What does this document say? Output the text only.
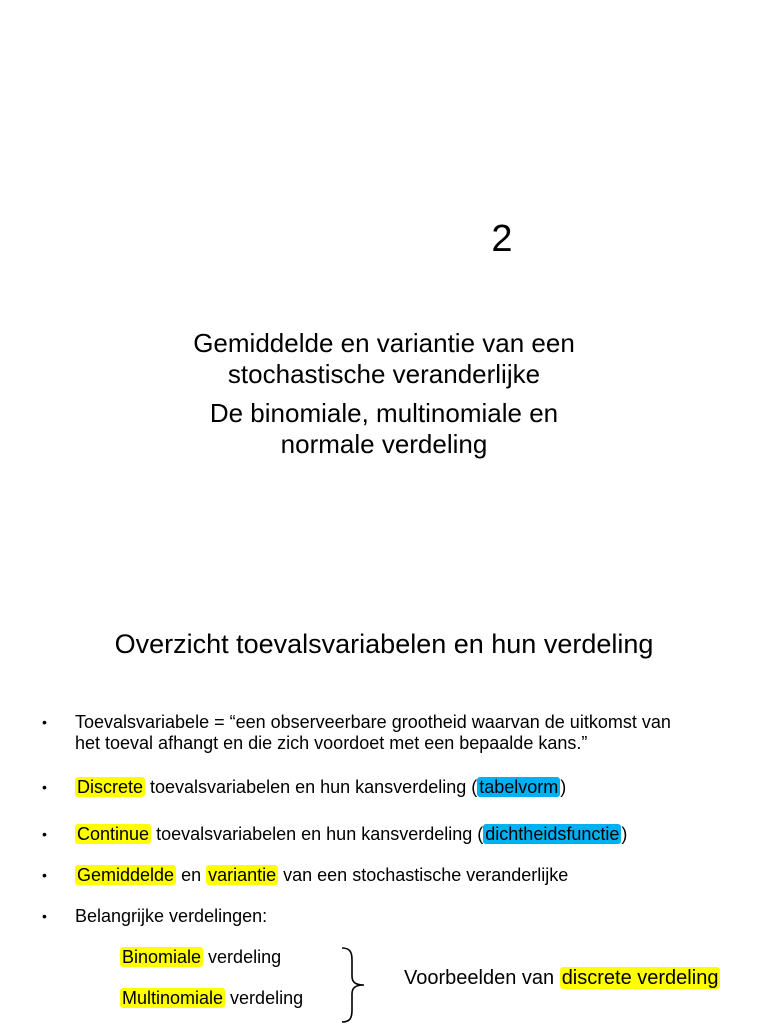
2
Gemiddelde en variantie van een
stochastische veranderlijke
De binomiale, multinomiale en
normale verdeling
Overzicht toevalsvariabelen en hun verdeling
•	Toevalsvariabele = “een observeerbare grootheid waarvan de uitkomst van
het toeval afhangt en die zich voordoet met een bepaalde kans.”
•	Discrete toevalsvariabelen en hun kansverdeling ( tabelvorm )
•	Continue toevalsvariabelen en hun kansverdeling ( dichtheidsfunctie )
•	Gemiddelde en variantie van een stochastische veranderlijke
•	Belangrijke verdelingen:
Binomiale verdeling
Multinomiale verdeling
Voorbeelden van discrete verdeling
